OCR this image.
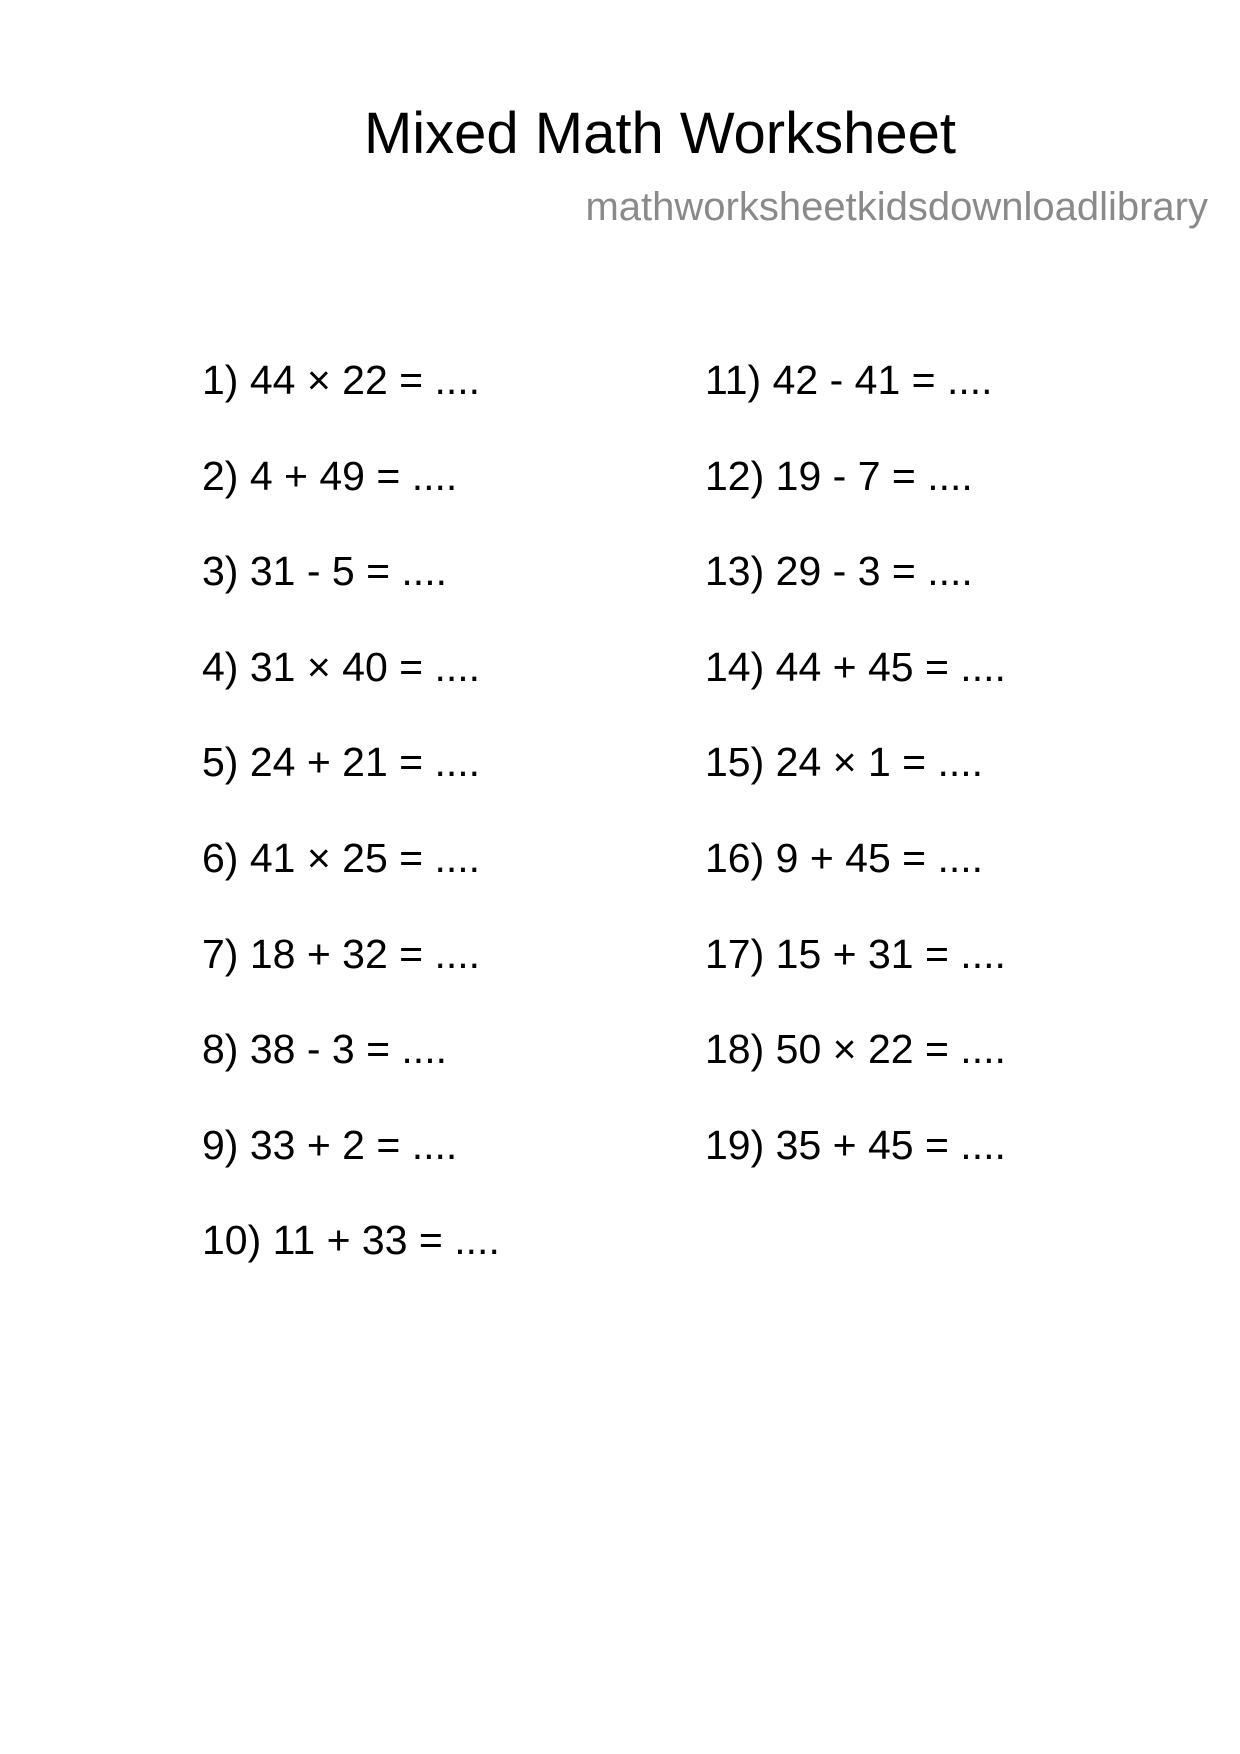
Mixed Math Worksheet
mathworksheetkidsdownloadlibrary
1) 44 × 22 = ....
2) 4 + 49 = ....
3) 31 - 5 = ....
4) 31 × 40 = ....
5) 24 + 21 = ....
6) 41 × 25 = ....
7) 18 + 32 = ....
8) 38 - 3 = ....
9) 33 + 2 = ....
10) 11 + 33 = ....
11) 42 - 41 = ....
12) 19 - 7 = ....
13) 29 - 3 = ....
14) 44 + 45 = ....
15) 24 × 1 = ....
16) 9 + 45 = ....
17) 15 + 31 = ....
18) 50 × 22 = ....
19) 35 + 45 = ....
